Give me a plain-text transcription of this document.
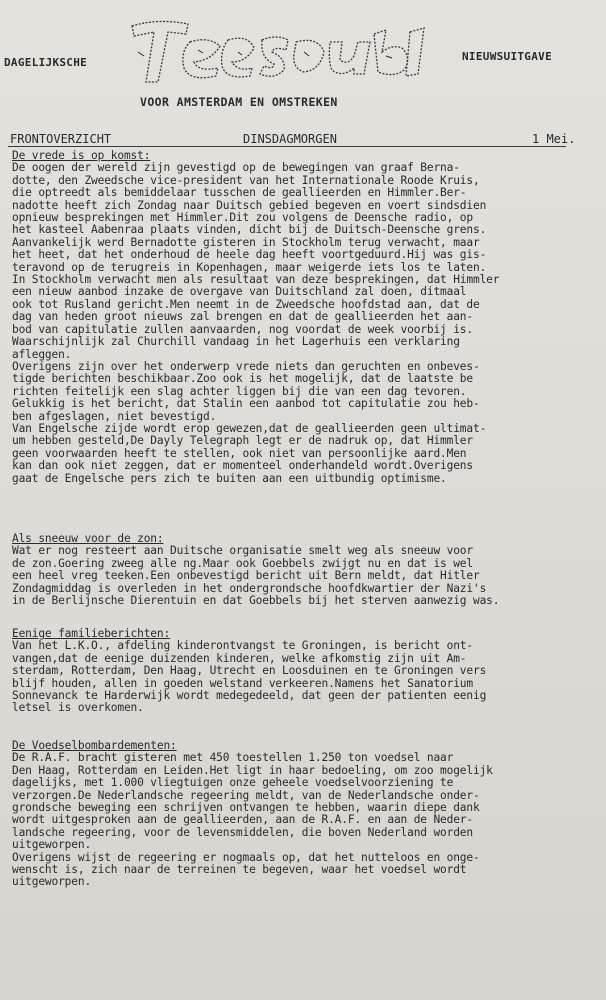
DAGELIJKSCHE	NIEUWSUITGAVE
VOOR AMSTERDAM EN OMSTREKEN
FRONTOVERZICHT	DINSDAGMORGEN	1 Mei.
De vrede is op komst:
De oogen der wereld zijn gevestigd op de bewegingen van graaf Berna-
dotte, den Zweedsche vice-president van het Internationale Roode Kruis,
die optreedt als bemiddelaar tusschen de geallieerden en Himmler.Ber-
nadotte heeft zich Zondag naar Duitsch gebied begeven en voert sindsdien
opnieuw besprekingen met Himmler.Dit zou volgens de Deensche radio, op
het kasteel Aabenraa plaats vinden, dicht bij de Duitsch-Deensche grens.
Aanvankelijk werd Bernadotte gisteren in Stockholm terug verwacht, maar
het heet, dat het onderhoud de heele dag heeft voortgeduurd.Hij was gis-
teravond op de terugreis in Kopenhagen, maar weigerde iets los te laten.
In Stockholm verwacht men als resultaat van deze besprekingen, dat Himmler
een nieuw aanbod inzake de overgave van Duitschland zal doen, ditmaal
ook tot Rusland gericht.Men neemt in de Zweedsche hoofdstad aan, dat de
dag van heden groot nieuws zal brengen en dat de geallieerden het aan-
bod van capitulatie zullen aanvaarden, nog voordat de week voorbij is.
Waarschijnlijk zal Churchill vandaag in het Lagerhuis een verklaring
afleggen.
Overigens zijn over het onderwerp vrede niets dan geruchten en onbeves-
tigde berichten beschikbaar.Zoo ook is het mogelijk, dat de laatste be
richten feitelijk een slag achter liggen bij die van een dag tevoren.
Gelukkig is het bericht, dat Stalin een aanbod tot capitulatie zou heb-
ben afgeslagen, niet bevestigd.
Van Engelsche zijde wordt erop gewezen,dat de geallieerden geen ultimat-
um hebben gesteld,De Dayly Telegraph legt er de nadruk op, dat Himmler
geen voorwaarden heeft te stellen, ook niet van persoonlijke aard.Men
kan dan ook niet zeggen, dat er momenteel onderhandeld wordt.Overigens
gaat de Engelsche pers zich te buiten aan een uitbundig optimisme.
Als sneeuw voor de zon:
Wat er nog resteert aan Duitsche organisatie smelt weg als sneeuw voor
de zon.Goering zweeg alle ng.Maar ook Goebbels zwijgt nu en dat is wel
een heel vreg teeken.Een onbevestigd bericht uit Bern meldt, dat Hitler
Zondagmiddag is overleden in het ondergrondsche hoofdkwartier der Nazi's
in de Berlijnsche Dierentuin en dat Goebbels bij het sterven aanwezig was.
Eenige familieberichten:
Van het L.K.O., afdeling kinderontvangst te Groningen, is bericht ont-
vangen,dat de eenige duizenden kinderen, welke afkomstig zijn uit Am-
sterdam, Rotterdam, Den Haag, Utrecht en Loosduinen en te Groningen vers
blijf houden, allen in goeden welstand verkeeren.Namens het Sanatorium
Sonnevanck te Harderwijk wordt medegedeeld, dat geen der patienten eenig
letsel is overkomen.
De Voedselbombardementen:
De R.A.F. bracht gisteren met 450 toestellen 1.250 ton voedsel naar
Den Haag, Rotterdam en Leiden.Het ligt in haar bedoeling, om zoo mogelijk
dagelijks, met 1.000 vliegtuigen onze geheele voedselvoorziening te
verzorgen.De Nederlandsche regeering meldt, van de Nederlandsche onder-
grondsche beweging een schrijven ontvangen te hebben, waarin diepe dank
wordt uitgesproken aan de geallieerden, aan de R.A.F. en aan de Neder-
landsche regeering, voor de levensmiddelen, die boven Nederland worden
uitgeworpen.
Overigens wijst de regeering er nogmaals op, dat het nutteloos en onge-
wenscht is, zich naar de terreinen te begeven, waar het voedsel wordt
uitgeworpen.
